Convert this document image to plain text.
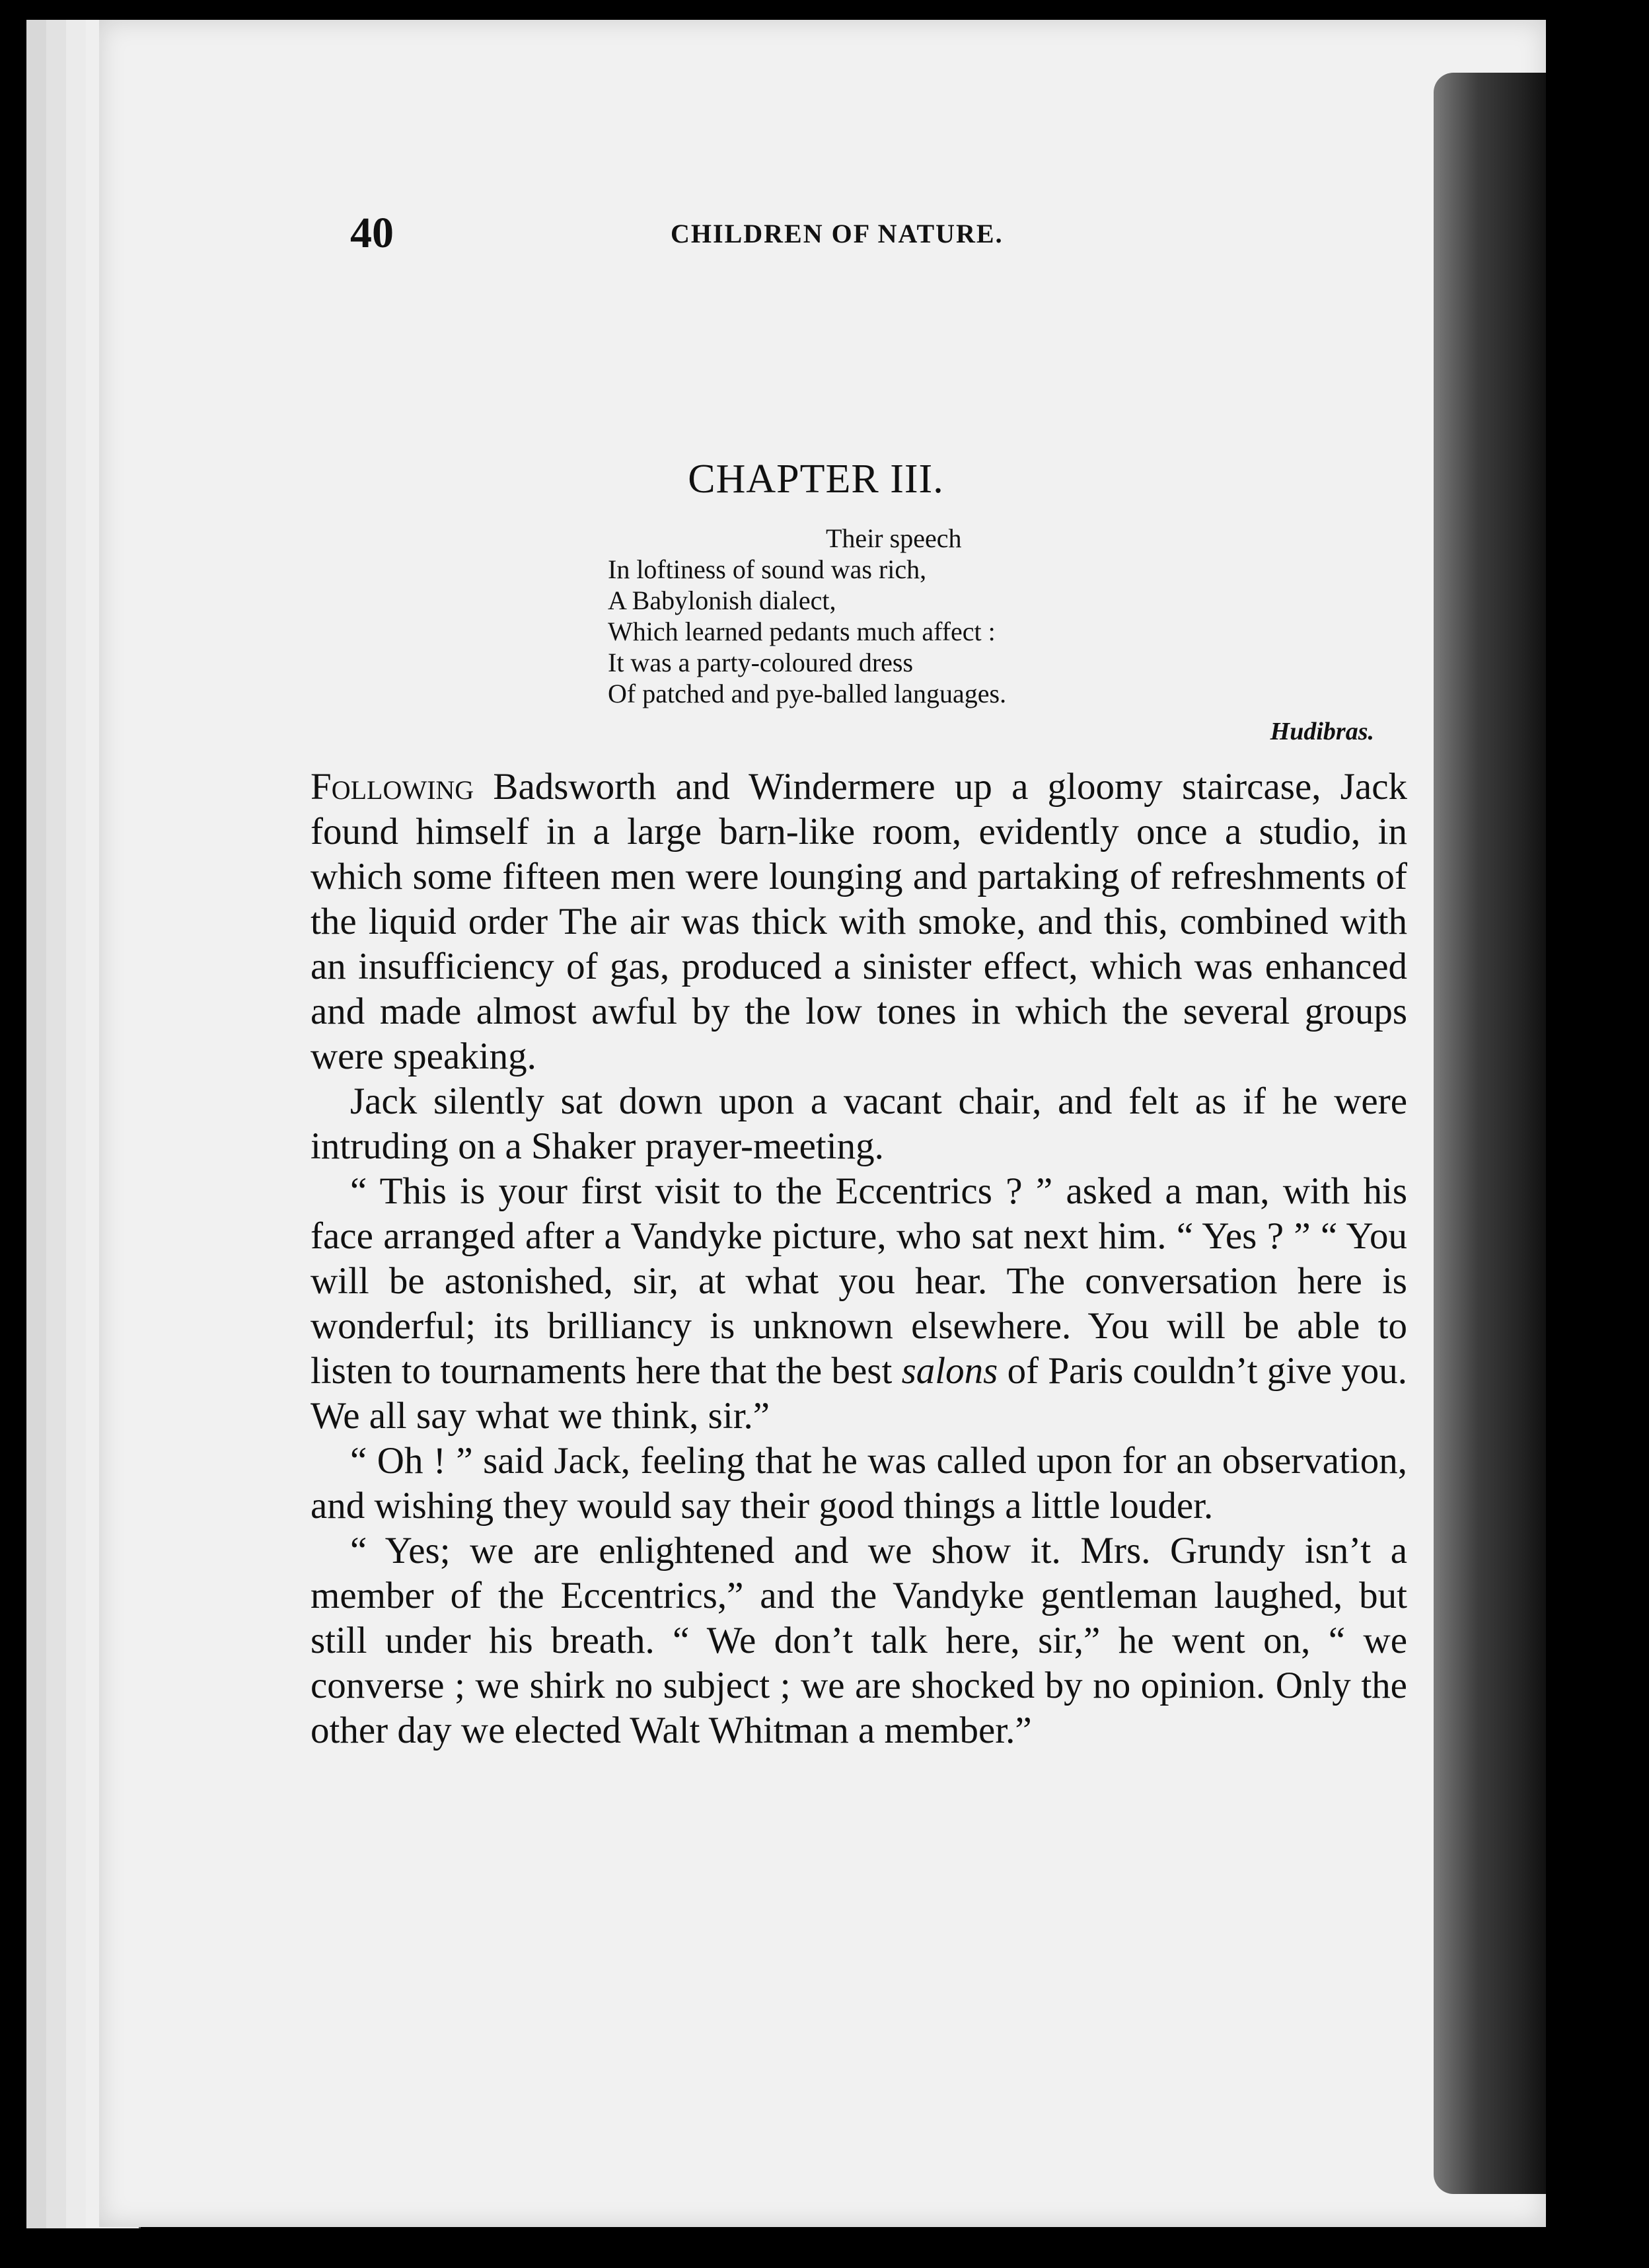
40	CHILDREN OF NATURE.
CHAPTER III.
Their speech
In loftiness of sound was rich,
A Babylonish dialect,
Which learned pedants much affect :
It was a party-coloured dress
Of patched and pye-balled languages.
Hudibras.

Following Badsworth and Windermere up a gloomy staircase, Jack found himself in a large barn-like room, evidently once a studio, in which some fifteen men were lounging and partaking of refreshments of the liquid order The air was thick with smoke, and this, combined with an insufficiency of gas, produced a sinister effect, which was enhanced and made almost awful by the low tones in which the several groups were speaking.

Jack silently sat down upon a vacant chair, and felt as if he were intruding on a Shaker prayer-meeting.

“ This is your first visit to the Eccentrics ? ” asked a man, with his face arranged after a Vandyke picture, who sat next him. “ Yes ? ” “ You will be astonished, sir, at what you hear. The conversation here is wonderful; its brilliancy is unknown elsewhere. You will be able to listen to tournaments here that the best salons of Paris couldn’t give you. We all say what we think, sir.”

“ Oh ! ” said Jack, feeling that he was called upon for an observation, and wishing they would say their good things a little louder.

“ Yes; we are enlightened and we show it. Mrs. Grundy isn’t a member of the Eccentrics,” and the Vandyke gentleman laughed, but still under his breath. “ We don’t talk here, sir,” he went on, “ we converse ; we shirk no subject ; we are shocked by no opinion. Only the other day we elected Walt Whitman a member.”
